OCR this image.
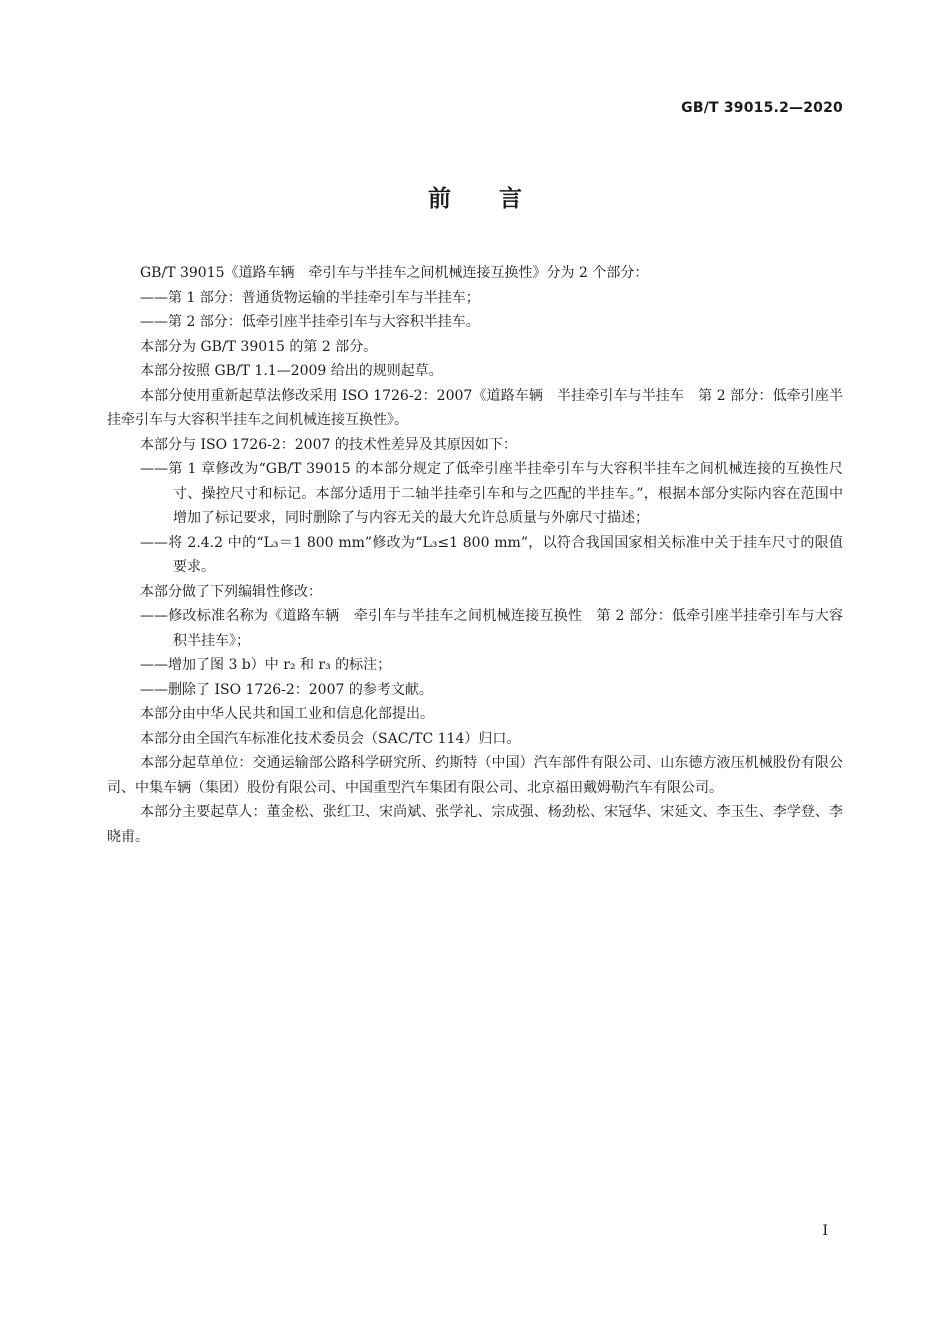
GB/T 39015.2—2020
前言

GB/T 39015《道路车辆　牵引车与半挂车之间机械连接互换性》分为 2 个部分：

——第 1 部分：普通货物运输的半挂牵引车与半挂车；

——第 2 部分：低牵引座半挂牵引车与大容积半挂车。

本部分为 GB/T 39015 的第 2 部分。

本部分按照 GB/T 1.1—2009 给出的规则起草。

本部分使用重新起草法修改采用 ISO 1726-2：2007《道路车辆　半挂牵引车与半挂车　第 2 部分：低牵引座半挂牵引车与大容积半挂车之间机械连接互换性》。

本部分与 ISO 1726-2：2007 的技术性差异及其原因如下：

——第 1 章修改为“GB/T 39015 的本部分规定了低牵引座半挂牵引车与大容积半挂车之间机械连接的互换性尺寸、操控尺寸和标记。本部分适用于二轴半挂牵引车和与之匹配的半挂车。”，根据本部分实际内容在范围中增加了标记要求，同时删除了与内容无关的最大允许总质量与外廓尺寸描述；

——将 2.4.2 中的“L₃＝1 800 mm”修改为“L₃≤1 800 mm”，以符合我国国家相关标准中关于挂车尺寸的限值要求。

本部分做了下列编辑性修改：

——修改标准名称为《道路车辆　牵引车与半挂车之间机械连接互换性　第 2 部分：低牵引座半挂牵引车与大容积半挂车》；

——增加了图 3 b）中 r₂ 和 r₃ 的标注；

——删除了 ISO 1726-2：2007 的参考文献。

本部分由中华人民共和国工业和信息化部提出。

本部分由全国汽车标准化技术委员会（SAC/TC 114）归口。

本部分起草单位：交通运输部公路科学研究所、约斯特（中国）汽车部件有限公司、山东德方液压机械股份有限公司、中集车辆（集团）股份有限公司、中国重型汽车集团有限公司、北京福田戴姆勒汽车有限公司。

本部分主要起草人：董金松、张红卫、宋尚斌、张学礼、宗成强、杨劲松、宋冠华、宋延文、李玉生、李学登、李晓甫。

I
